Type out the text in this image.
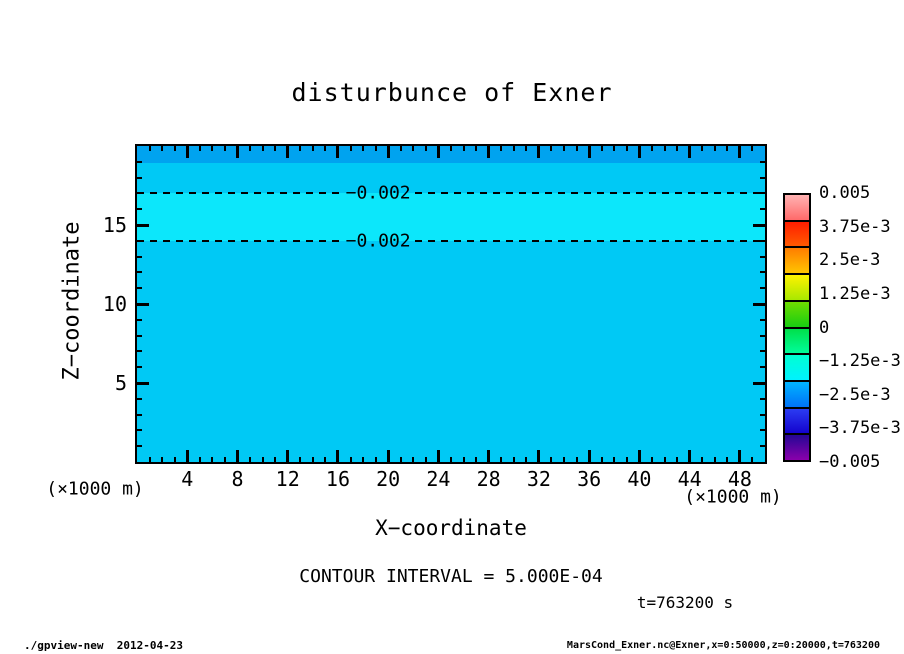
disturbunce of Exner
−0.002
−0.002
Z−coordinate
X−coordinate
4 8 12 16 20 24 28 32 36 40 44 48
5
10
15
(×1000 m)	(×1000 m)
0.005
3.75e-3
2.5e-3
1.25e-3
0
−1.25e-3
−2.5e-3
−3.75e-3
−0.005
CONTOUR INTERVAL = 5.000E-04
t=763200 s
./gpview-new  2012-04-23	MarsCond_Exner.nc@Exner,x=0:50000,z=0:20000,t=763200
